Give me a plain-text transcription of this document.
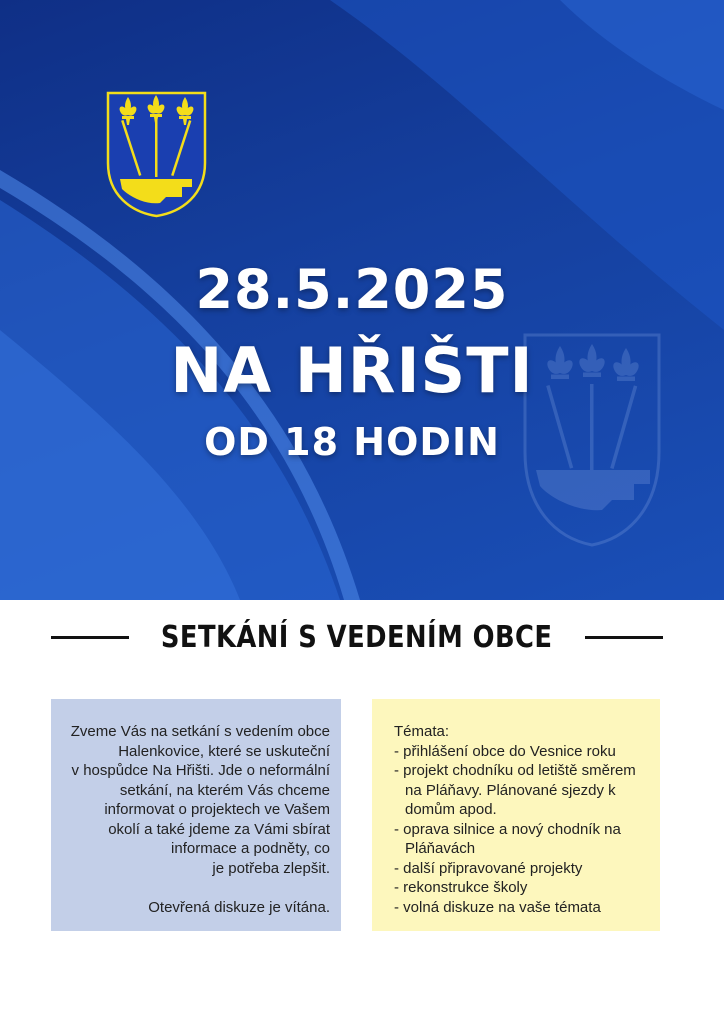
28.5.2025
NA HŘIŠTI
OD 18 HODIN
SETKÁNÍ S VEDENÍM OBCE

Zveme Vás na setkání s vedením obce

Halenkovice, které se uskuteční

v hospůdce Na Hřišti. Jde o neformální

setkání, na kterém Vás chceme

informovat o projektech ve Vašem

okolí a také jdeme za Vámi sbírat

informace a podněty, co

je potřeba zlepšit.

Otevřená diskuze je vítána.

Témata:

- přihlášení obce do Vesnice roku
- projekt chodníku od letiště směrem na Pláňavy. Plánované sjezdy k domům apod.
- oprava silnice a nový chodník na Pláňavách
- další připravované projekty
- rekonstrukce školy
- volná diskuze na vaše témata
